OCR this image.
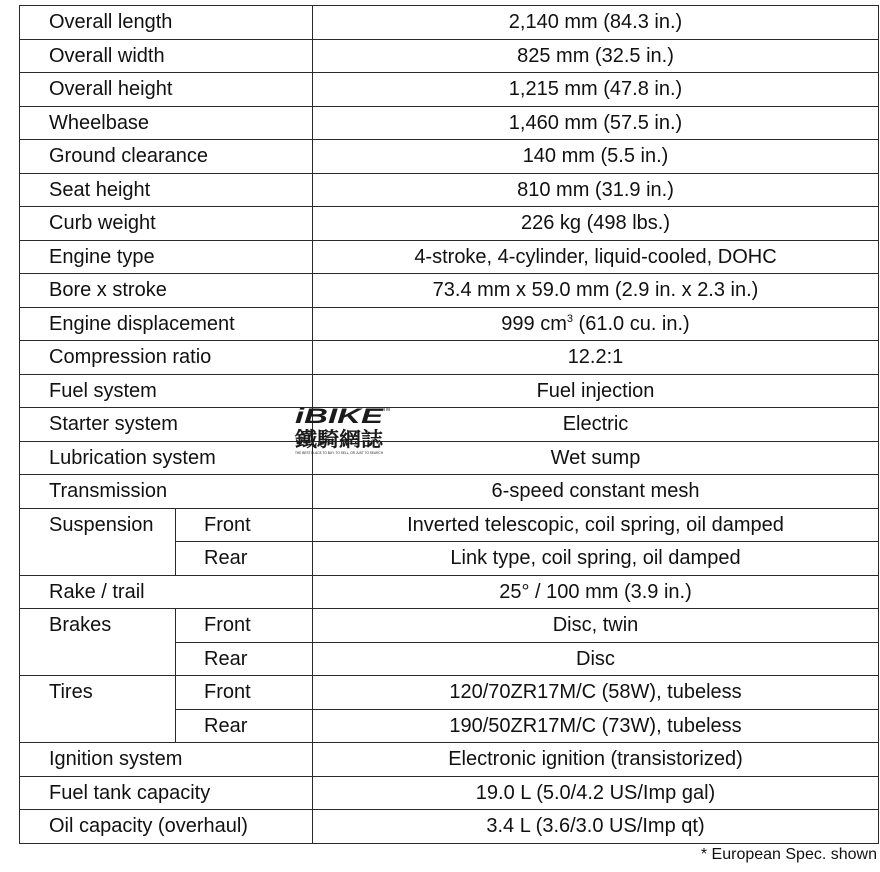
Overall length		2,140 mm (84.3 in.)
Overall width		825 mm (32.5 in.)
Overall height		1,215 mm (47.8 in.)
Wheelbase		1,460 mm (57.5 in.)
Ground clearance		140 mm (5.5 in.)
Seat height		810 mm (31.9 in.)
Curb weight		226 kg (498 lbs.)
Engine type		4-stroke, 4-cylinder, liquid-cooled, DOHC
Bore x stroke		73.4 mm x 59.0 mm (2.9 in. x 2.3 in.)
Engine displacement		999 $cm^3$ (61.0 cu. in.)
Compression ratio		12.2:1
Fuel system		Fuel injection
Starter system		Electric
Lubrication system		Wet sump
Transmission		6-speed constant mesh
Suspension	Front	Inverted telescopic, coil spring, oil damped
	Rear	Link type, coil spring, oil damped
Rake / trail		25° / 100 mm (3.9 in.)
Brakes	Front	Disc, twin
	Rear	Disc
Tires	Front	120/70ZR17M/C (58W), tubeless
	Rear	190/50ZR17M/C (73W), tubeless
Ignition system		Electronic ignition (transistorized)
Fuel tank capacity		19.0 L (5.0/4.2 US/Imp gal)
Oil capacity (overhaul)		3.4 L (3.6/3.0 US/Imp qt)
iBIKE
TM
鐵騎網誌
THE BEST PLACE TO BUY, TO SELL, OR JUST TO SEARCH
* European Spec. shown
